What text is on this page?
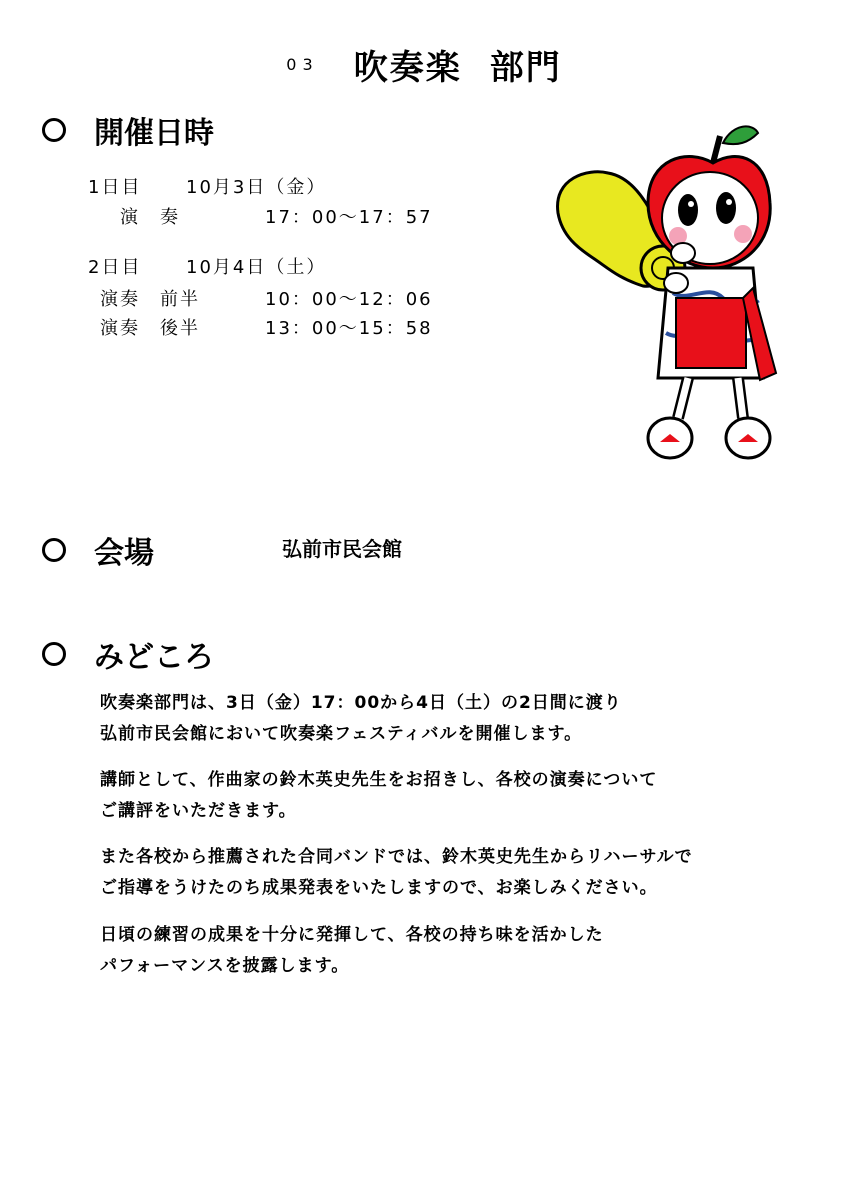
03 吹奏楽 部門
開催日時
1日目 10月3日（金）
演　奏	17：00～17：57
2日目 10月4日（土）
演奏　前半	10：00～12：06
演奏　後半	13：00～15：58
会場	弘前市民会館
みどころ
吹奏楽部門は、3日（金）17：00から4日（土）の2日間に渡り
弘前市民会館において吹奏楽フェスティバルを開催します。
講師として、作曲家の鈴木英史先生をお招きし、各校の演奏について
ご講評をいただきます。
また各校から推薦された合同バンドでは、鈴木英史先生からリハーサルで
ご指導をうけたのち成果発表をいたしますので、お楽しみください。
日頃の練習の成果を十分に発揮して、各校の持ち味を活かした
パフォーマンスを披露します。
